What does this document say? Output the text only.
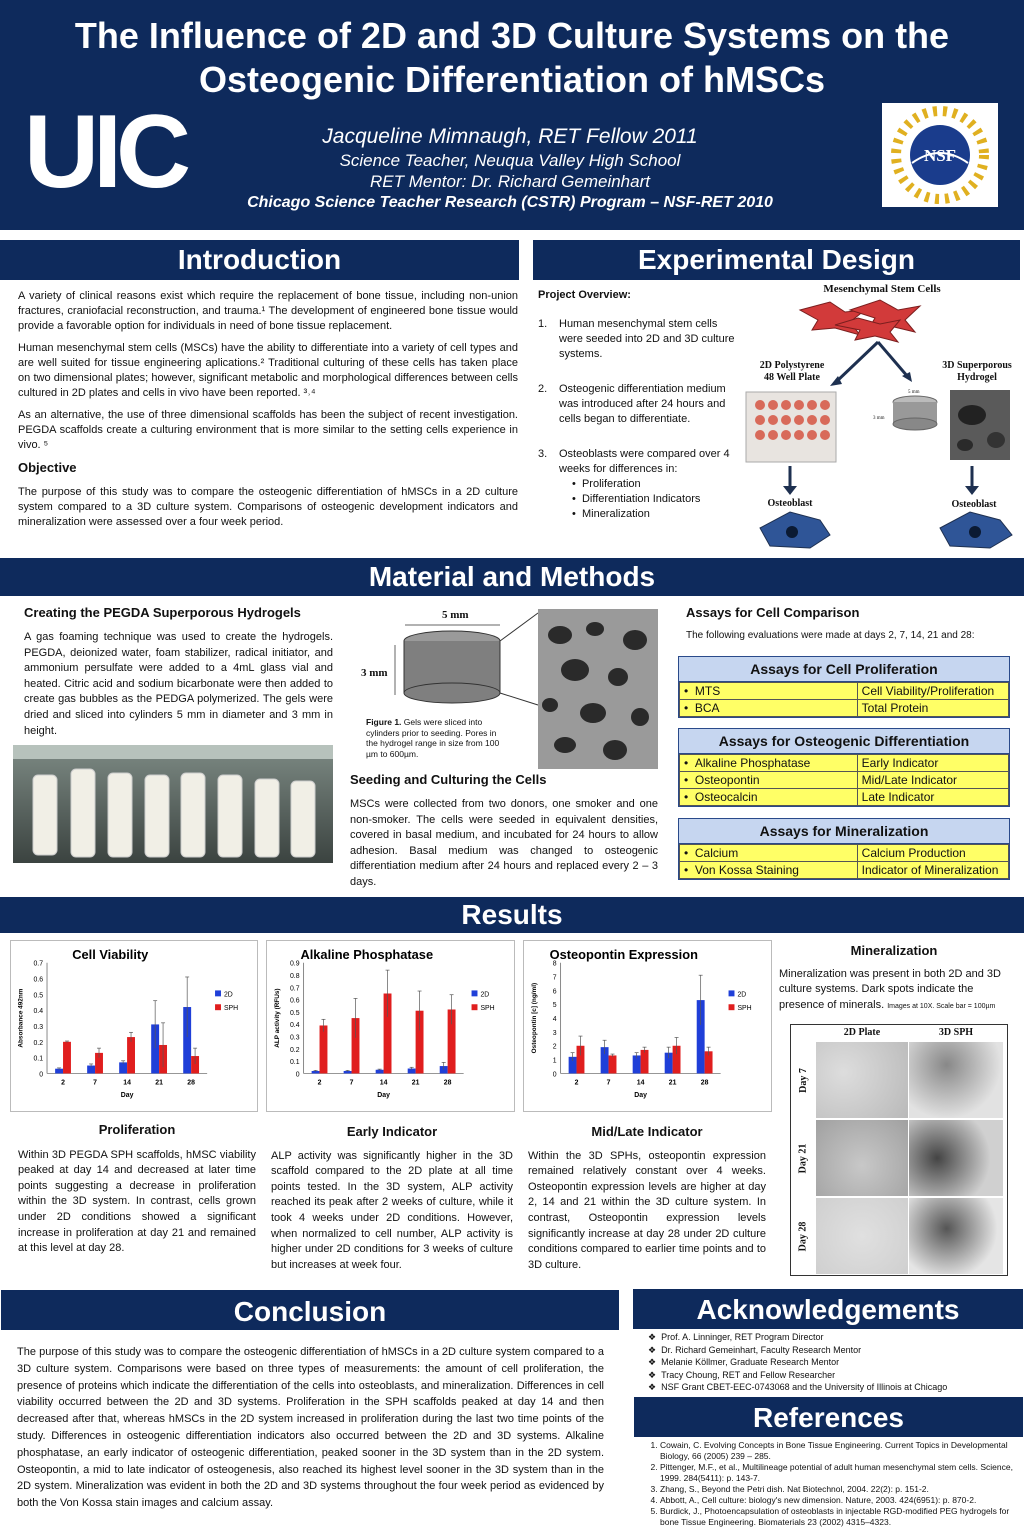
The Influence of 2D and 3D Culture Systems on the
Osteogenic Differentiation of hMSCs
UIC	Jacqueline Mimnaugh, RET Fellow 2011
Science Teacher, Neuqua Valley High School
RET Mentor: Dr. Richard Gemeinhart
Chicago Science Teacher Research (CSTR) Program – NSF-RET 2010
NSF
Introduction

A variety of clinical reasons exist which require the replacement of bone tissue, including non-union fractures, craniofacial reconstruction, and trauma.¹ The development of engineered bone tissue would provide a favorable option for individuals in need of bone tissue replacement.

Human mesenchymal stem cells (MSCs) have the ability to differentiate into a variety of cell types and are well suited for tissue engineering aplications.² Traditional culturing of these cells has taken place on two dimensional plates; however, significant metabolic and morphological differences between cells cultured in 2D plates and cells in vivo have been reported. ³˒⁴

As an alternative, the use of three dimensional scaffolds has been the subject of recent investigation. PEGDA scaffolds create a culturing environment that is more similar to the setting cells experience in vivo. ⁵

Objective

The purpose of this study was to compare the osteogenic differentiation of hMSCs in a 2D culture system compared to a 3D culture system. Comparisons of osteogenic development indicators and mineralization were assessed over a four week period.

Experimental Design
Project Overview:
1.	Human mesenchymal stem cells were seeded into 2D and 3D culture systems.
2.	Osteogenic differentiation medium was introduced after 24 hours and cells began to differentiate.
3.	Osteoblasts were compared over 4 weeks for differences in:
•  Proliferation
•  Differentiation Indicators
•  Mineralization
Mesenchymal Stem Cells
2D Polystyrene
48 Well Plate
3D Superporous
Hydrogel
5 mm
3 mm
Osteoblast	Osteoblast
Material and Methods
Creating the PEGDA Superporous Hydrogels

A gas foaming technique was used to create the hydrogels. PEGDA, deionized water, foam stabilizer, radical initiator, and ammonium persulfate were added to a 4mL glass vial and heated. Citric acid and sodium bicarbonate were then added to create gas bubbles as the PEDGA polymerized. The gels were dried and sliced into cylinders 5 mm in diameter and 3 mm in height.

5 mm
3 mm
Figure 1. Gels were sliced into cylinders prior to seeding. Pores in the hydrogel range in size from 100 µm to 600µm.
Seeding and Culturing the Cells

MSCs were collected from two donors, one smoker and one non-smoker. The cells were seeded in equivalent densities, covered in basal medium, and incubated for 24 hours to allow adhesion. Basal medium was changed to osteogenic differentiation medium after 24 hours and replaced every 2 – 3 days.

Assays for Cell Comparison
The following evaluations were made at days 2, 7, 14, 21 and 28:
Assays for Cell Proliferation
•  MTS	Cell Viability/Proliferation
•  BCA	Total Protein
Assays for Osteogenic Differentiation
•  Alkaline Phosphatase	Early Indicator
•  Osteopontin	Mid/Late Indicator
•  Osteocalcin	Late Indicator
Assays for Mineralization
•  Calcium	Calcium Production
•  Von Kossa Staining	Indicator of Mineralization
Results
Cell Viability
0
0.1
0.2
0.3
0.4
0.5
0.6
0.7
2	7	14	21	28
2D
SPH
Day
Absorbance 492nm
Alkaline Phosphatase
0
0.1
0.2
0.3
0.4
0.5
0.6
0.7
0.8
0.9
2	7	14	21	28
2D
SPH
Day
ALP activity (RFUs)
Osteopontin Expression
0
1
2
3
4
5
6
7
8
2	7	14	21	28
2D
SPH
Day
Osteopontin [c] (ng/ml)
Proliferation

Within 3D PEGDA SPH scaffolds, hMSC viability peaked at day 14 and decreased at later time points suggesting a decrease in proliferation within the 3D system. In contrast, cells grown under 2D conditions showed a significant increase in proliferation at day 21 and remained at this level at day 28.

Early Indicator

ALP activity was significantly higher in the 3D scaffold compared to the 2D plate at all time points tested. In the 3D system, ALP activity reached its peak after 2 weeks of culture, while it took 4 weeks under 2D conditions. However, when normalized to cell number, ALP activity is higher under 2D conditions for 3 weeks of culture but increases at week four.

Mid/Late Indicator

Within the 3D SPHs, osteopontin expression remained relatively constant over 4 weeks. Osteopontin expression levels are higher at day 2, 14 and 21 within the 3D culture system. In contrast, Osteopontin expression levels significantly increase at day 28 under 2D culture conditions compared to earlier time points and to 3D culture.

Mineralization

Mineralization was present in both 2D and 3D culture systems. Dark spots indicate the presence of minerals. Images at 10X. Scale bar = 100µm

2D Plate	3D SPH
Day 7
Day 21
Day 28
Conclusion

The purpose of this study was to compare the osteogenic differentiation of hMSCs in a 2D culture system compared to a 3D culture system. Comparisons were based on three types of measurements: the amount of cell proliferation, the presence of proteins which indicate the differentiation of the cells into osteoblasts, and mineralization. Differences in cell viability occurred between the 2D and 3D systems. Proliferation in the SPH scaffolds peaked at day 14 and then decreased after that, whereas hMSCs in the 2D system increased in proliferation during the last two time points of the study. Differences in osteogenic differentiation indicators also occurred between the 2D and 3D systems. Alkaline phosphatase, an early indicator of osteogenic differentiation, peaked sooner in the 3D system than in the 2D system. Osteopontin, a mid to late indicator of osteogenesis, also reached its highest level sooner in the 3D system than in the 2D system. Mineralization was evident in both the 2D and 3D systems throughout the four week period as evidenced by both the Von Kossa stain images and calcium assay.

Acknowledgements
❖  Prof. A. Linninger, RET Program Director
❖  Dr. Richard Gemeinhart, Faculty Research Mentor
❖  Melanie Köllmer, Graduate Research Mentor
❖  Tracy Choung, RET and Fellow Researcher
❖  NSF Grant CBET-EEC-0743068 and the University of Illinois at Chicago
References
1. Cowain, C. Evolving Concepts in Bone Tissue Engineering. Current Topics in Developmental Biology, 66 (2005) 239 – 285.
2. Pittenger, M.F., et al., Multilineage potential of adult human mesenchymal stem cells. Science, 1999. 284(5411): p. 143-7.
3. Zhang, S., Beyond the Petri dish. Nat Biotechnol, 2004. 22(2): p. 151-2.
4. Abbott, A., Cell culture: biology's new dimension. Nature, 2003. 424(6951): p. 870-2.
5. Burdick, J., Photoencapsulation of osteoblasts in injectable RGD-modified PEG hydrogels for bone Tissue Engineering. Biomaterials 23 (2002) 4315–4323.
